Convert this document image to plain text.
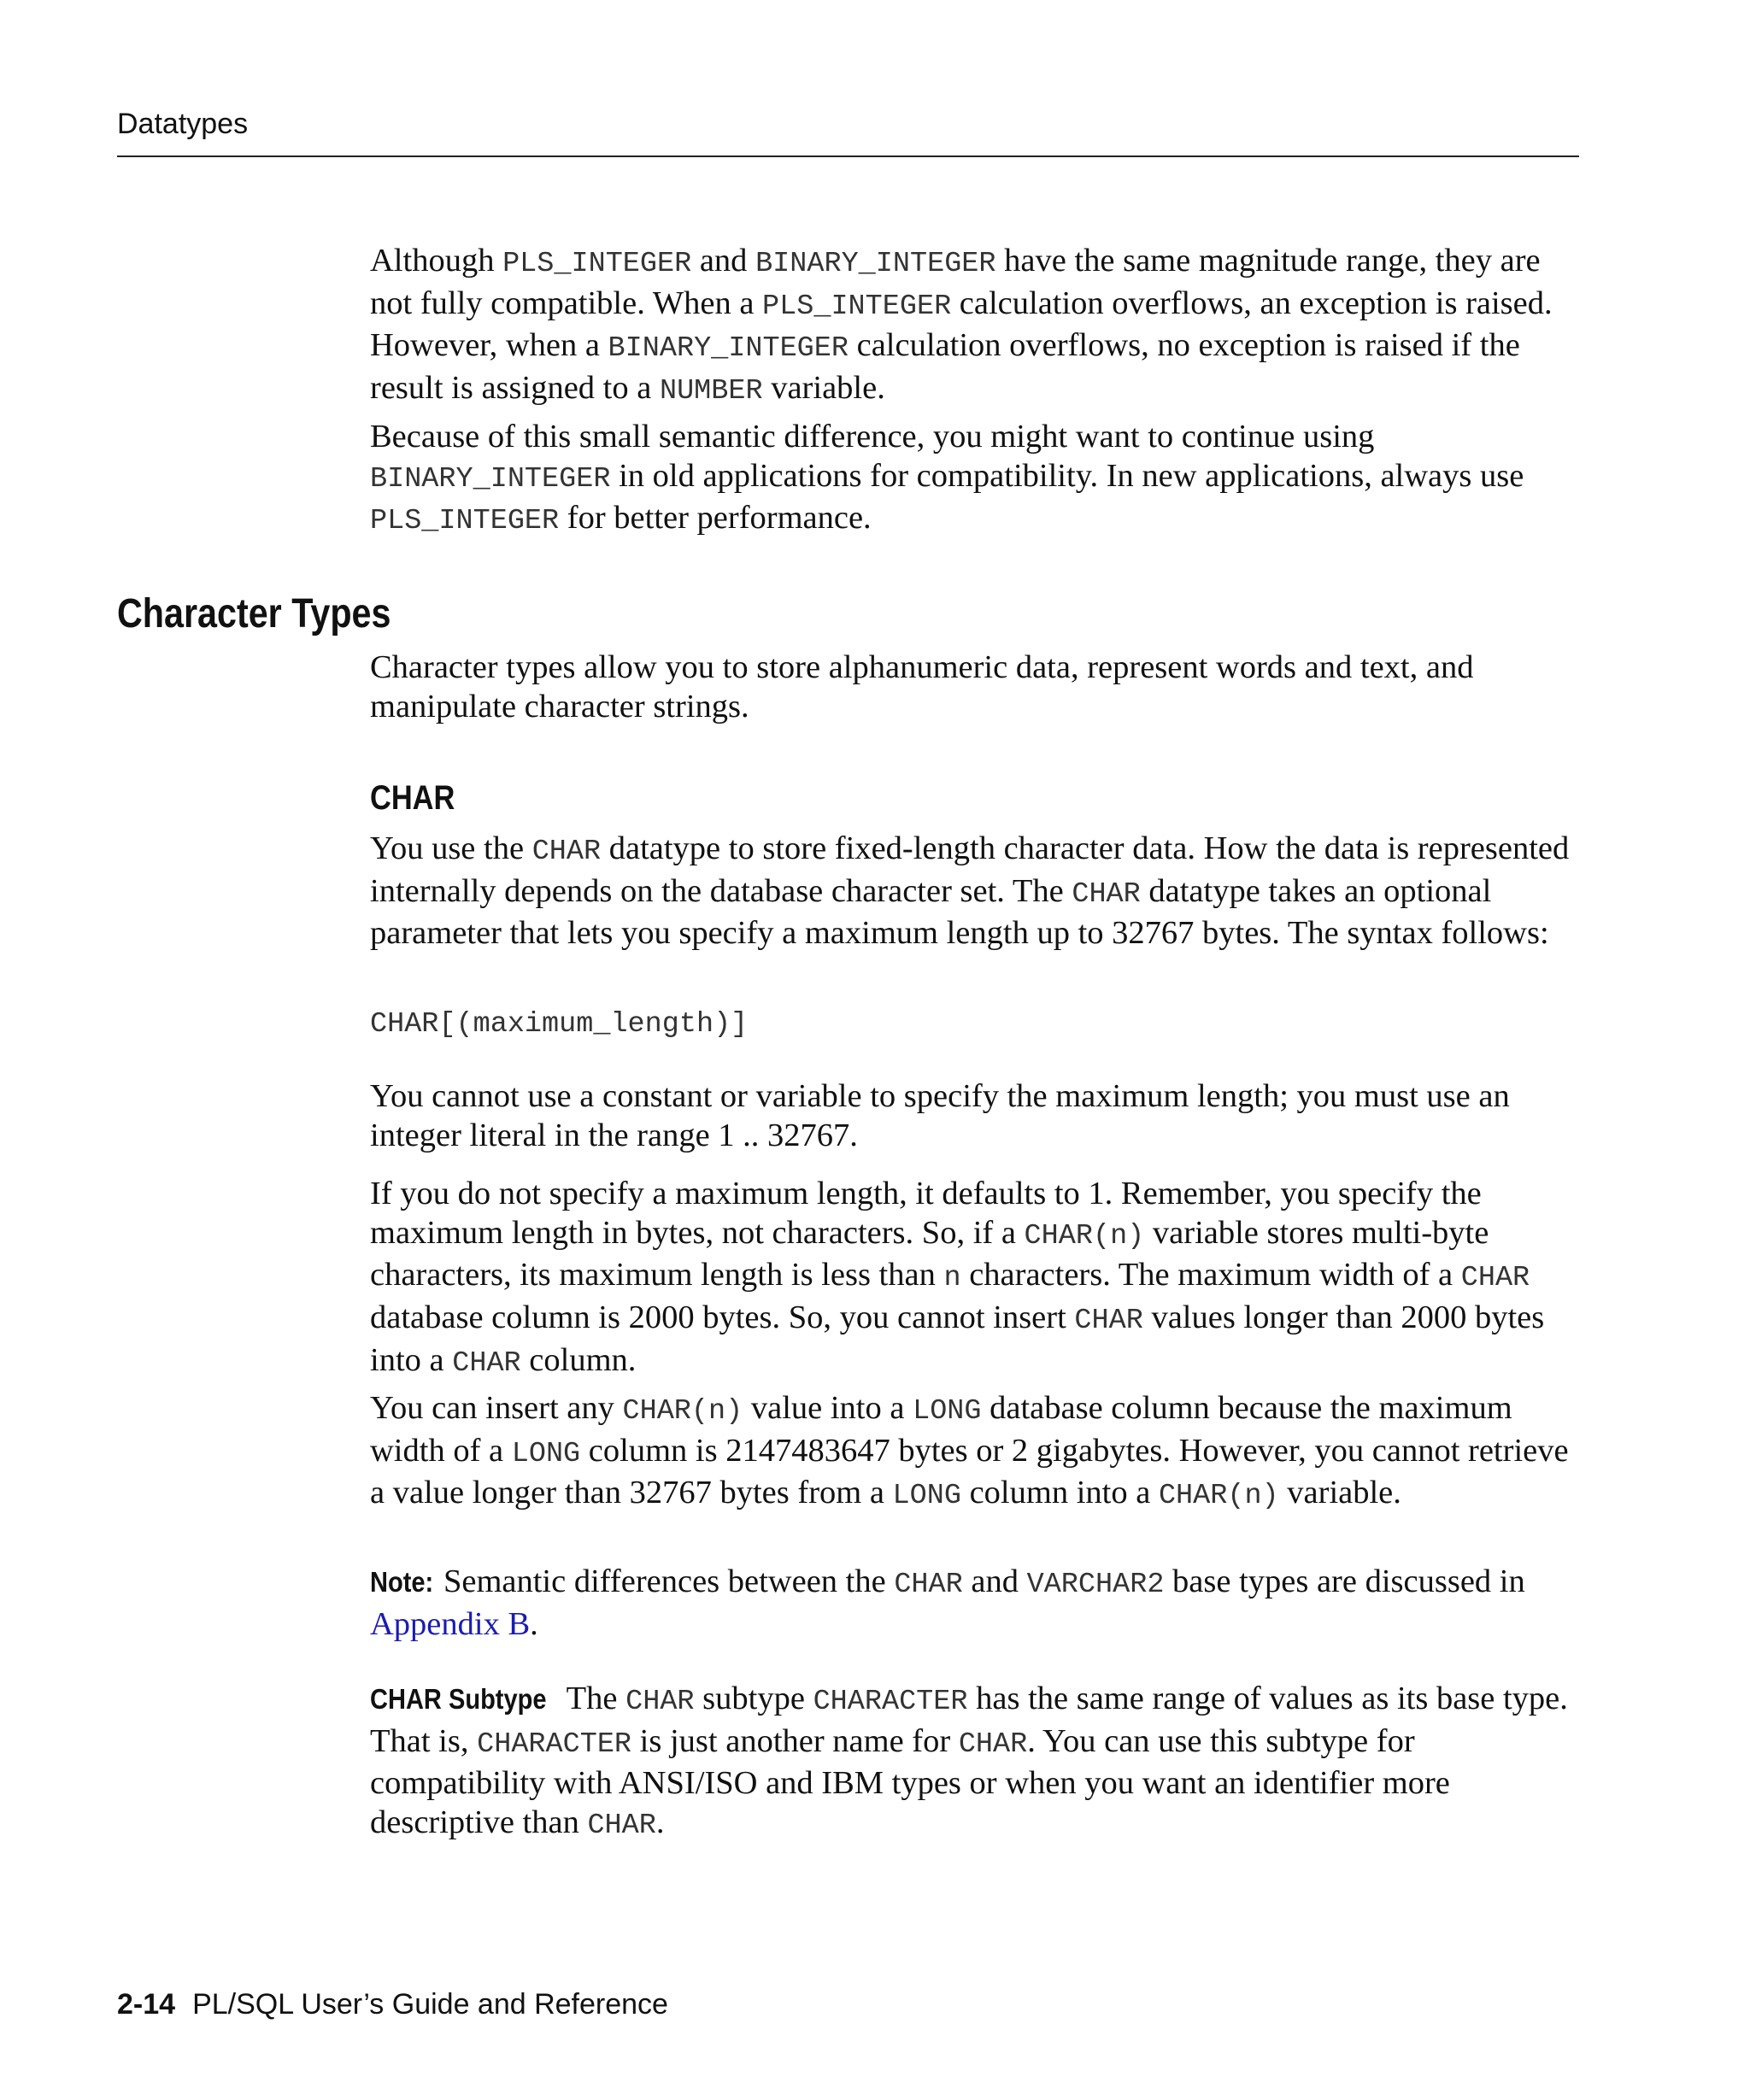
Datatypes

Although PLS_INTEGER and BINARY_INTEGER have the same magnitude range, they are not fully compatible. When a PLS_INTEGER calculation overflows, an exception is raised. However, when a BINARY_INTEGER calculation overflows, no exception is raised if the result is assigned to a NUMBER variable.

Because of this small semantic difference, you might want to continue using BINARY_INTEGER in old applications for compatibility. In new applications, always use PLS_INTEGER for better performance.

Character Types

Character types allow you to store alphanumeric data, represent words and text, and manipulate character strings.

CHAR

You use the CHAR datatype to store fixed-length character data. How the data is represented internally depends on the database character set. The CHAR datatype takes an optional parameter that lets you specify a maximum length up to 32767 bytes. The syntax follows:

CHAR[(maximum_length)]

You cannot use a constant or variable to specify the maximum length; you must use an integer literal in the range 1 .. 32767.

If you do not specify a maximum length, it defaults to 1. Remember, you specify the maximum length in bytes, not characters. So, if a CHAR(n) variable stores multi-byte characters, its maximum length is less than n characters. The maximum width of a CHAR database column is 2000 bytes. So, you cannot insert CHAR values longer than 2000 bytes into a CHAR column.

You can insert any CHAR(n) value into a LONG database column because the maximum width of a LONG column is 2147483647 bytes or 2 gigabytes. However, you cannot retrieve a value longer than 32767 bytes from a LONG column into a CHAR(n) variable.

Note: Semantic differences between the CHAR and VARCHAR2 base types are discussed in Appendix B.

CHAR Subtype The CHAR subtype CHARACTER has the same range of values as its base type. That is, CHARACTER is just another name for CHAR. You can use this subtype for compatibility with ANSI/ISO and IBM types or when you want an identifier more descriptive than CHAR.

2-14 PL/SQL User’s Guide and Reference
